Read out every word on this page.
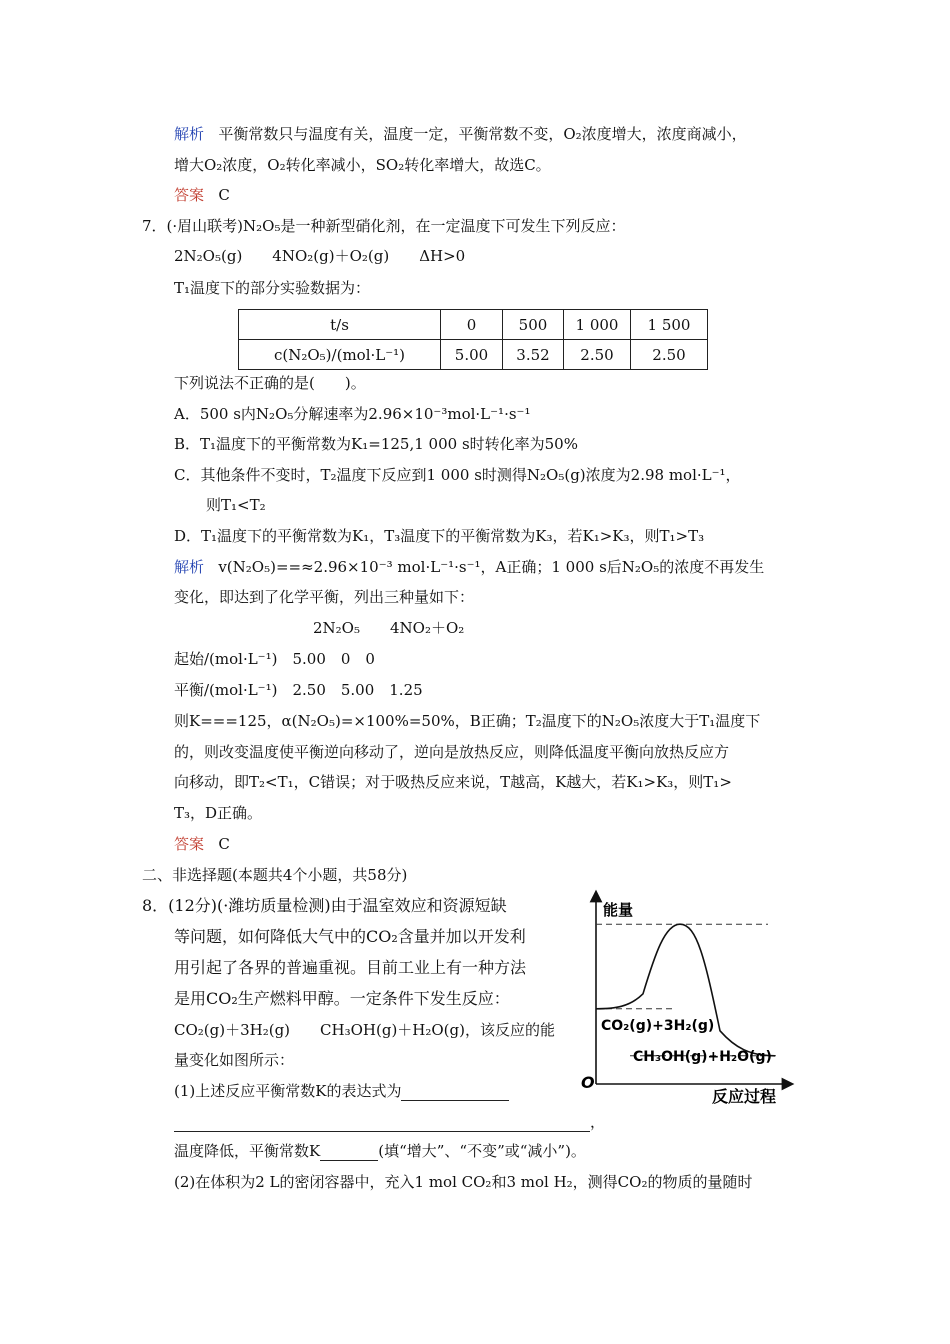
解析 平衡常数只与温度有关，温度一定，平衡常数不变，O₂浓度增大，浓度商减小，
增大O₂浓度，O₂转化率减小，SO₂转化率增大，故选C。
答案 C
7．(·眉山联考)N₂O₅是一种新型硝化剂，在一定温度下可发生下列反应：
2N₂O₅(g)　　4NO₂(g)＋O₂(g)　　ΔH>0
T₁温度下的部分实验数据为：
t/s	0	500	1 000	1 500
c(N₂O₅)/(mol·L⁻¹)	5.00	3.52	2.50	2.50
下列说法不正确的是(　　)。
A．500 s内N₂O₅分解速率为2.96×10⁻³mol·L⁻¹·s⁻¹
B．T₁温度下的平衡常数为K₁=125,1 000 s时转化率为50%
C．其他条件不变时，T₂温度下反应到1 000 s时测得N₂O₅(g)浓度为2.98 mol·L⁻¹，
则T₁<T₂
D．T₁温度下的平衡常数为K₁，T₃温度下的平衡常数为K₃，若K₁>K₃，则T₁>T₃
解析 v(N₂O₅)==≈2.96×10⁻³ mol·L⁻¹·s⁻¹，A正确；1 000 s后N₂O₅的浓度不再发生
变化，即达到了化学平衡，列出三种量如下：
2N₂O₅　　4NO₂＋O₂
起始/(mol·L⁻¹)　5.00　0　0
平衡/(mol·L⁻¹)　2.50　5.00　1.25
则K===125，α(N₂O₅)=×100%=50%，B正确；T₂温度下的N₂O₅浓度大于T₁温度下
的，则改变温度使平衡逆向移动了，逆向是放热反应，则降低温度平衡向放热反应方
向移动，即T₂<T₁，C错误；对于吸热反应来说，T越高，K越大，若K₁>K₃，则T₁>
T₃，D正确。
答案 C
二、非选择题(本题共4个小题，共58分)
8．(12分)(·潍坊质量检测)由于温室效应和资源短缺
等问题，如何降低大气中的CO₂含量并加以开发利
用引起了各界的普遍重视。目前工业上有一种方法
是用CO₂生产燃料甲醇。一定条件下发生反应：
CO₂(g)＋3H₂(g)　　CH₃OH(g)＋H₂O(g)，该反应的能
量变化如图所示：
(1)上述反应平衡常数K的表达式为
，
温度降低，平衡常数K	(填“增大”、“不变”或“减小”)。
(2)在体积为2 L的密闭容器中，充入1 mol CO₂和3 mol H₂，测得CO₂的物质的量随时
能量
O
反应过程
CO₂(g)+3H₂(g)
CH₃OH(g)+H₂O(g)
